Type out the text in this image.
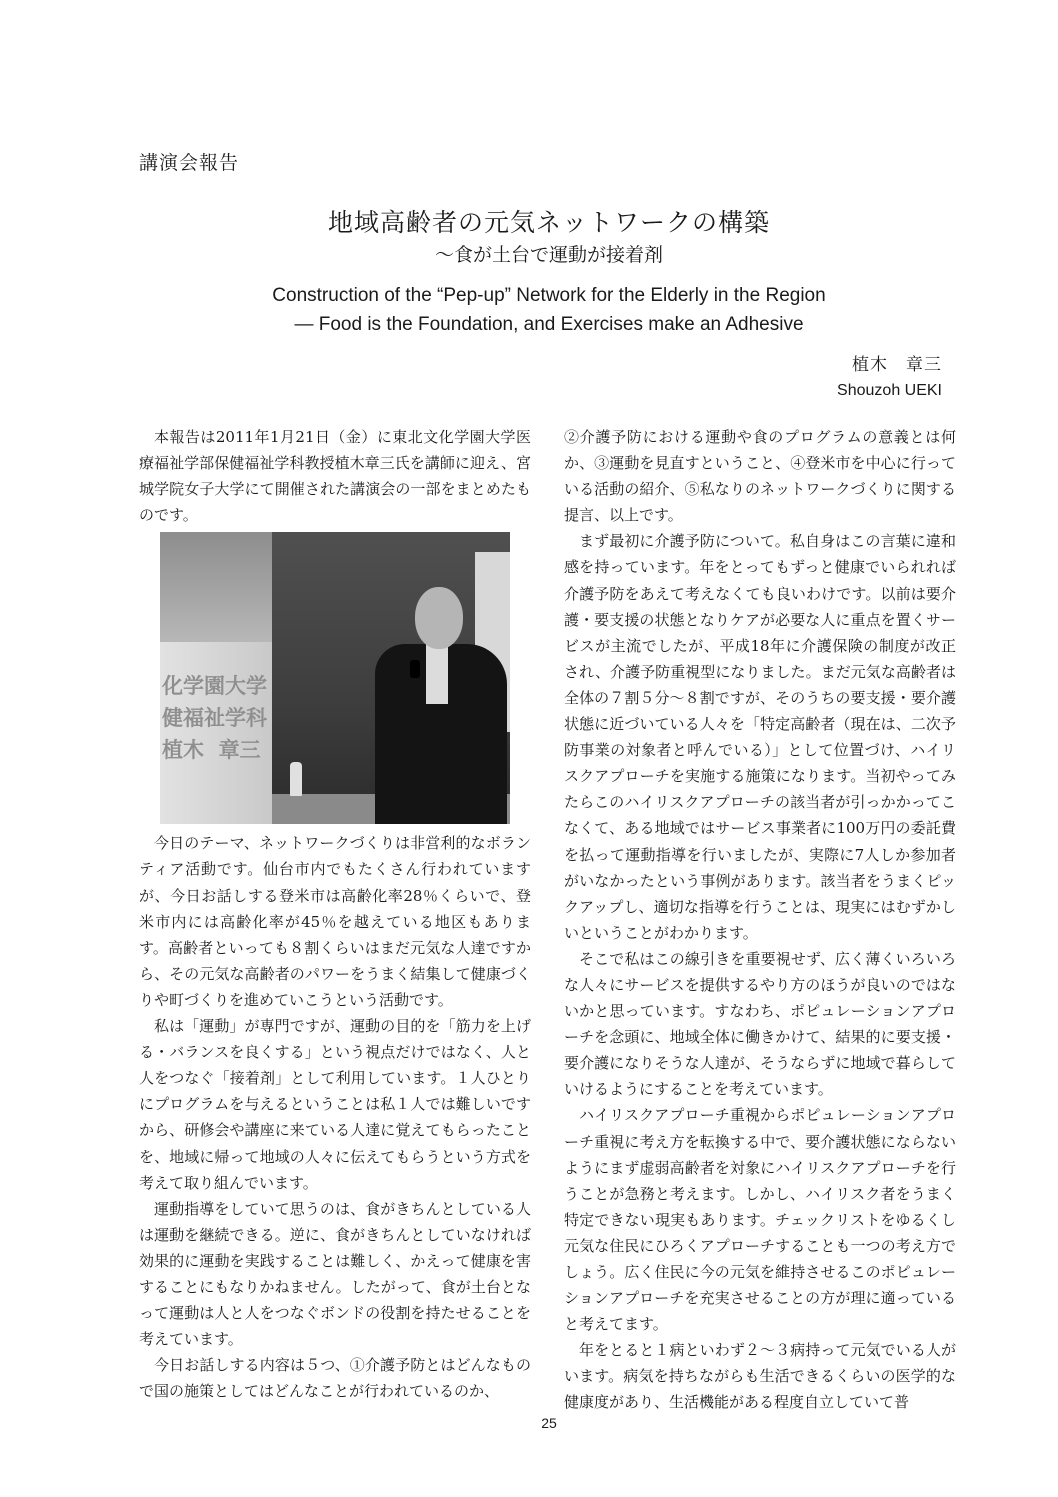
講演会報告
地域高齢者の元気ネットワークの構築
～食が土台で運動が接着剤
Construction of the “Pep-up” Network for the Elderly in the Region
— Food is the Foundation, and Exercises make an Adhesive
植木　章三
Shouzoh UEKI

本報告は2011年1月21日（金）に東北文化学園大学医療福祉学部保健福祉学科教授植木章三氏を講師に迎え、宮城学院女子大学にて開催された講演会の一部をまとめたものです。

化学園大学
健福祉学科
植木  章三

今日のテーマ、ネットワークづくりは非営利的なボランティア活動です。仙台市内でもたくさん行われていますが、今日お話しする登米市は高齢化率28％くらいで、登米市内には高齢化率が45％を越えている地区もあります。高齢者といっても８割くらいはまだ元気な人達ですから、その元気な高齢者のパワーをうまく結集して健康づくりや町づくりを進めていこうという活動です。

私は「運動」が専門ですが、運動の目的を「筋力を上げる・バランスを良くする」という視点だけではなく、人と人をつなぐ「接着剤」として利用しています。１人ひとりにプログラムを与えるということは私１人では難しいですから、研修会や講座に来ている人達に覚えてもらったことを、地域に帰って地域の人々に伝えてもらうという方式を考えて取り組んでいます。

運動指導をしていて思うのは、食がきちんとしている人は運動を継続できる。逆に、食がきちんとしていなければ効果的に運動を実践することは難しく、かえって健康を害することにもなりかねません。したがって、食が土台となって運動は人と人をつなぐボンドの役割を持たせることを考えています。

今日お話しする内容は５つ、①介護予防とはどんなもので国の施策としてはどんなことが行われているのか、

②介護予防における運動や食のプログラムの意義とは何か、③運動を見直すということ、④登米市を中心に行っている活動の紹介、⑤私なりのネットワークづくりに関する提言、以上です。

まず最初に介護予防について。私自身はこの言葉に違和感を持っています。年をとってもずっと健康でいられれば介護予防をあえて考えなくても良いわけです。以前は要介護・要支援の状態となりケアが必要な人に重点を置くサービスが主流でしたが、平成18年に介護保険の制度が改正され、介護予防重視型になりました。まだ元気な高齢者は全体の７割５分～８割ですが、そのうちの要支援・要介護状態に近づいている人々を「特定高齢者（現在は、二次予防事業の対象者と呼んでいる）」として位置づけ、ハイリスクアプローチを実施する施策になります。当初やってみたらこのハイリスクアプローチの該当者が引っかかってこなくて、ある地域ではサービス事業者に100万円の委託費を払って運動指導を行いましたが、実際に7人しか参加者がいなかったという事例があります。該当者をうまくピックアップし、適切な指導を行うことは、現実にはむずかしいということがわかります。

そこで私はこの線引きを重要視せず、広く薄くいろいろな人々にサービスを提供するやり方のほうが良いのではないかと思っています。すなわち、ポピュレーションアプローチを念頭に、地域全体に働きかけて、結果的に要支援・要介護になりそうな人達が、そうならずに地域で暮らしていけるようにすることを考えています。

ハイリスクアプローチ重視からポピュレーションアプローチ重視に考え方を転換する中で、要介護状態にならないようにまず虚弱高齢者を対象にハイリスクアプローチを行うことが急務と考えます。しかし、ハイリスク者をうまく特定できない現実もあります。チェックリストをゆるくし元気な住民にひろくアプローチすることも一つの考え方でしょう。広く住民に今の元気を維持させるこのポピュレーションアプローチを充実させることの方が理に適っていると考えてます。

年をとると１病といわず２～３病持って元気でいる人がいます。病気を持ちながらも生活できるくらいの医学的な健康度があり、生活機能がある程度自立していて普

25
